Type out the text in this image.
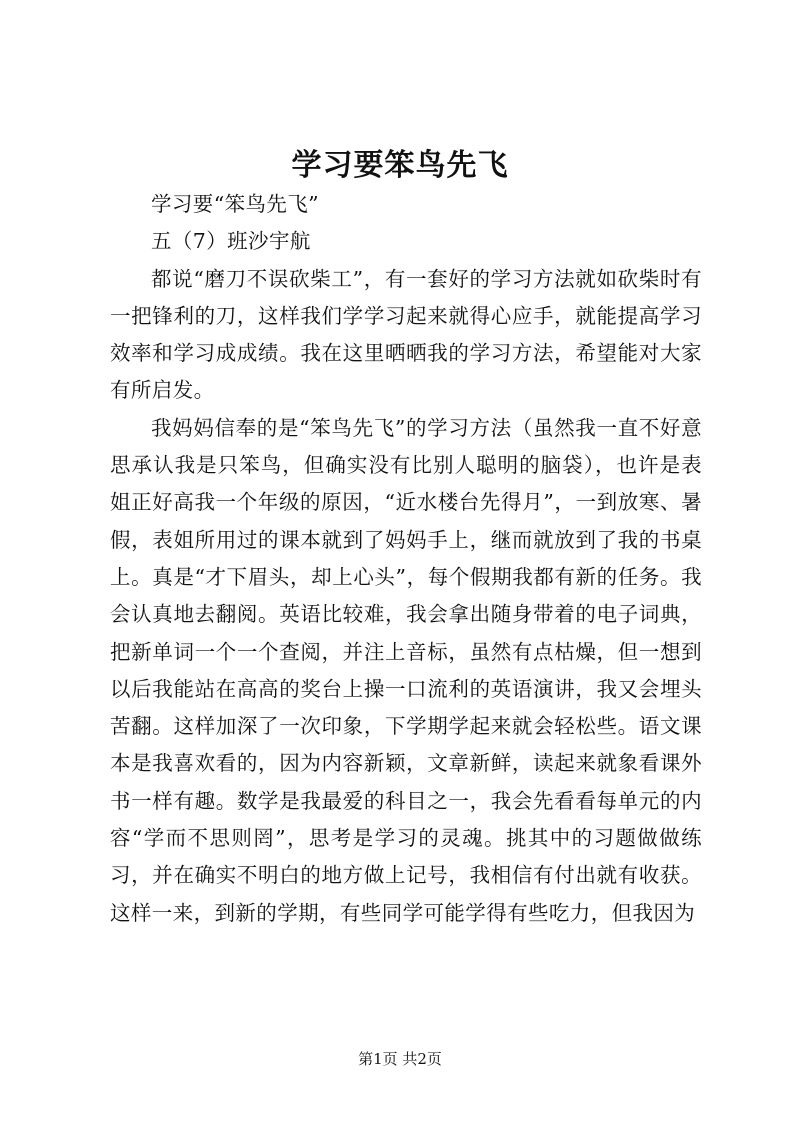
学习要笨鸟先飞

学习要“笨鸟先飞”

五（7）班沙宇航

都说“磨刀不误砍柴工”，有一套好的学习方法就如砍柴时有一把锋利的刀，这样我们学学习起来就得心应手，就能提高学习效率和学习成成绩。我在这里晒晒我的学习方法，希望能对大家有所启发。

我妈妈信奉的是“笨鸟先飞”的学习方法（虽然我一直不好意思承认我是只笨鸟，但确实没有比别人聪明的脑袋），也许是表姐正好高我一个年级的原因，“近水楼台先得月”，一到放寒、暑假，表姐所用过的课本就到了妈妈手上，继而就放到了我的书桌上。真是“才下眉头，却上心头”，每个假期我都有新的任务。我会认真地去翻阅。英语比较难，我会拿出随身带着的电子词典，把新单词一个一个查阅，并注上音标，虽然有点枯燥，但一想到以后我能站在高高的奖台上操一口流利的英语演讲，我又会埋头苦翻。这样加深了一次印象，下学期学起来就会轻松些。语文课本是我喜欢看的，因为内容新颖，文章新鲜，读起来就象看课外书一样有趣。数学是我最爱的科目之一，我会先看看每单元的内容“学而不思则罔”，思考是学习的灵魂。挑其中的习题做做练习，并在确实不明白的地方做上记号，我相信有付出就有收获。这样一来，到新的学期，有些同学可能学得有些吃力，但我因为

第1页 共2页
